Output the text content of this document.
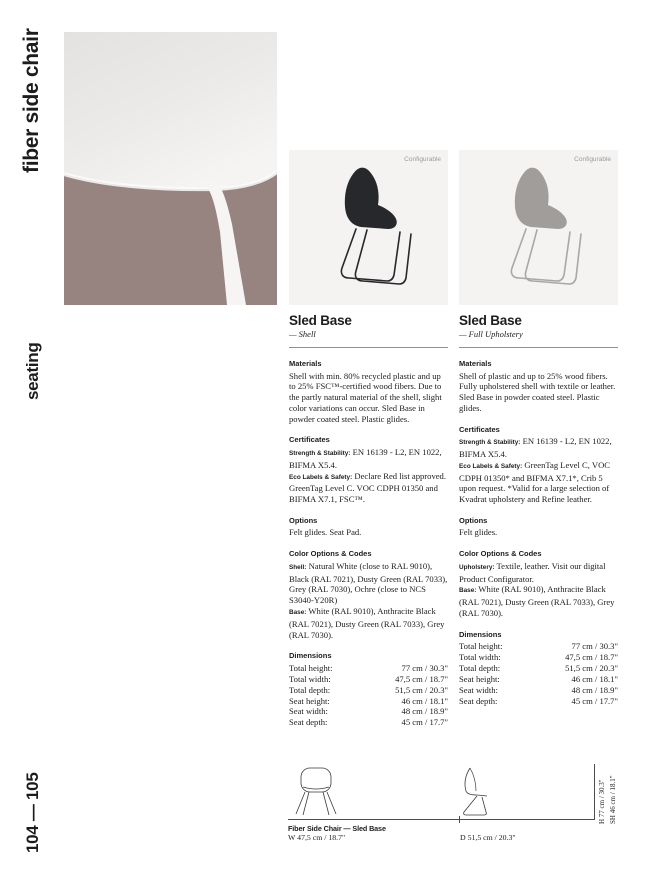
fiber side chair
seating
104 — 105
Configurable
Sled Base
— Shell
Materials

Shell with min. 80% recycled plastic and up to 25% FSC™-certified wood fibers. Due to the partly natural material of the shell, slight color variations can occur. Sled Base in powder coated steel. Plastic glides.

Certificates

Strength & Stability: EN 16139 - L2, EN 1022, BIFMA X5.4.

Eco Labels & Safety: Declare Red list approved. GreenTag Level C. VOC CDPH 01350 and BIFMA X7.1, FSC™.

Options

Felt glides. Seat Pad.

Color Options & Codes

Shell: Natural White (close to RAL 9010), Black (RAL 7021), Dusty Green (RAL 7033), Grey (RAL 7030), Ochre (close to NCS S3040-Y20R)

Base: White (RAL 9010), Anthracite Black (RAL 7021), Dusty Green (RAL 7033), Grey (RAL 7030).

Dimensions
Total height:	77 cm / 30.3"
Total width:	47,5 cm / 18.7"
Total depth:	51,5 cm / 20.3"
Seat height:	46 cm / 18.1"
Seat width:	48 cm / 18.9"
Seat depth:	45 cm / 17.7"
Configurable
Sled Base
— Full Upholstery
Materials

Shell of plastic and up to 25% wood fibers. Fully upholstered shell with textile or leather. Sled Base in powder coated steel. Plastic glides.

Certificates

Strength & Stability: EN 16139 - L2, EN 1022, BIFMA X5.4.

Eco Labels & Safety: GreenTag Level C, VOC CDPH 01350* and BIFMA X7.1*, Crib 5 upon request. *Valid for a large selection of Kvadrat upholstery and Refine leather.

Options

Felt glides.

Color Options & Codes

Upholstery: Textile, leather. Visit our digital Product Configurator.

Base: White (RAL 9010), Anthracite Black (RAL 7021), Dusty Green (RAL 7033), Grey (RAL 7030).

Dimensions
Total height:	77 cm / 30.3"
Total width:	47,5 cm / 18.7"
Total depth:	51,5 cm / 20.3"
Seat height:	46 cm / 18.1"
Seat width:	48 cm / 18.9"
Seat depth:	45 cm / 17.7"
Fiber Side Chair — Sled Base
W 47,5 cm / 18.7"	D 51,5 cm / 20.3"
H 77 cm / 30.3" SH 46 cm / 18.1"
